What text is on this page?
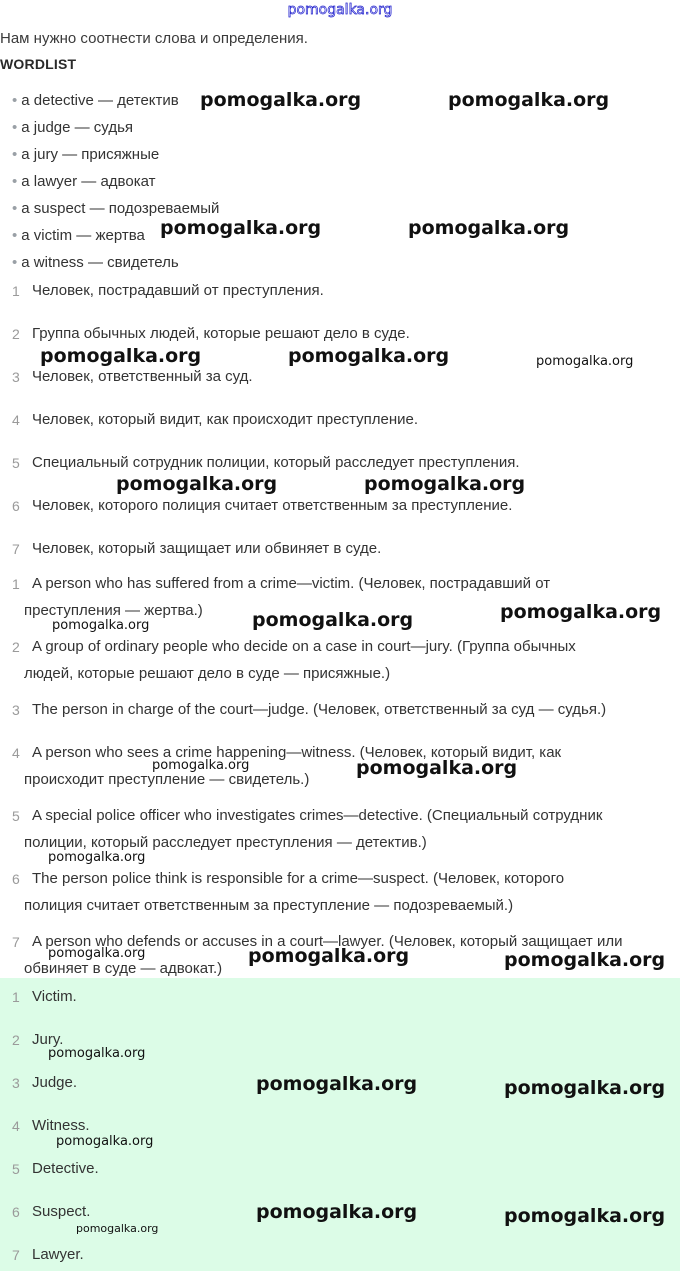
pomogalka.org
Нам нужно соотнести слова и определения.
WORDLIST
• a detective — детектив
• a judge — судья
• a jury — присяжные
• a lawyer — адвокат
• a suspect — подозреваемый
• a victim — жертва
• a witness — свидетель
1 Человек, пострадавший от преступления.
2 Группа обычных людей, которые решают дело в суде.
3 Человек, ответственный за суд.
4 Человек, который видит, как происходит преступление.
5 Специальный сотрудник полиции, который расследует преступления.
6 Человек, которого полиция считает ответственным за преступление.
7 Человек, который защищает или обвиняет в суде.
1 A person who has suffered from a crime—victim. (Человек, пострадавший от
преступления — жертва.)
2 A group of ordinary people who decide on a case in court—jury. (Группа обычных
людей, которые решают дело в суде — присяжные.)
3 The person in charge of the court—judge. (Человек, ответственный за суд — судья.)
4 A person who sees a crime happening—witness. (Человек, который видит, как
происходит преступление — свидетель.)
5 A special police officer who investigates crimes—detective. (Специальный сотрудник
полиции, который расследует преступления — детектив.)
6 The person police think is responsible for a crime—suspect. (Человек, которого
полиция считает ответственным за преступление — подозреваемый.)
7 A person who defends or accuses in a court—lawyer. (Человек, который защищает или
обвиняет в суде — адвокат.)
1 Victim.
2 Jury.
3 Judge.
4 Witness.
5 Detective.
6 Suspect.
7 Lawyer.
pomogalka.org	pomogalka.org
pomogalka.org	pomogalka.org
pomogalka.org	pomogalka.org	pomogalka.org
pomogalka.org	pomogalka.org
pomogalka.org	pomogalka.org	pomogalka.org
pomogalka.org	pomogalka.org
pomogalka.org
pomogalka.org	pomogalka.org	pomogalka.org
pomogalka.org
pomogalka.org	pomogalka.org
pomogalka.org
pomogalka.org	pomogalka.org
pomogalka.org
